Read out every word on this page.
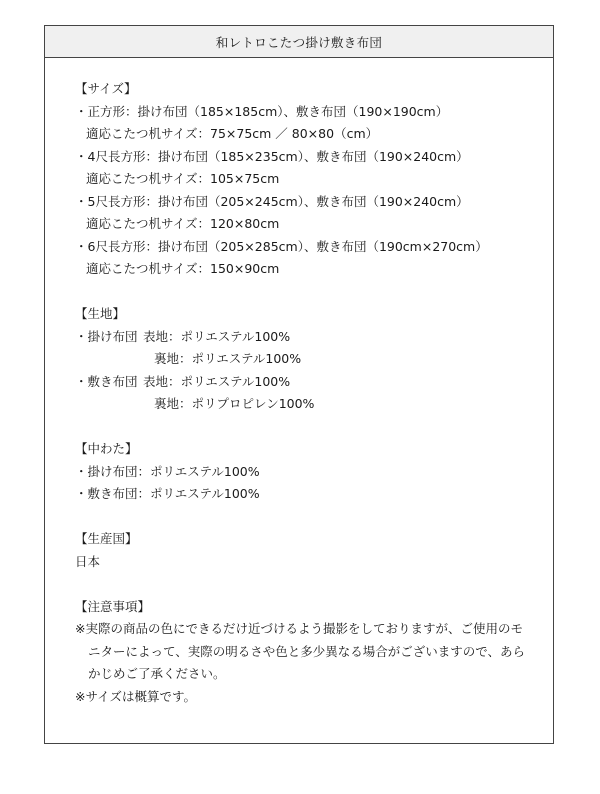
和レトロこたつ掛け敷き布団
【サイズ】
・正方形：掛け布団（185×185cm）、敷き布団（190×190cm）
適応こたつ机サイズ：75×75cm ／ 80×80（cm）
・4尺長方形：掛け布団（185×235cm）、敷き布団（190×240cm）
適応こたつ机サイズ：105×75cm
・5尺長方形：掛け布団（205×245cm）、敷き布団（190×240cm）
適応こたつ机サイズ：120×80cm
・6尺長方形：掛け布団（205×285cm）、敷き布団（190cm×270cm）
適応こたつ机サイズ：150×90cm
【生地】
・掛け布団 表地：ポリエステル100%
裏地：ポリエステル100%
・敷き布団 表地：ポリエステル100%
裏地：ポリプロピレン100%
【中わた】
・掛け布団：ポリエステル100%
・敷き布団：ポリエステル100%
【生産国】
日本
【注意事項】
※実際の商品の色にできるだけ近づけるよう撮影をしておりますが、ご使用のモ
ニターによって、実際の明るさや色と多少異なる場合がございますので、あら
かじめご了承ください。
※サイズは概算です。
